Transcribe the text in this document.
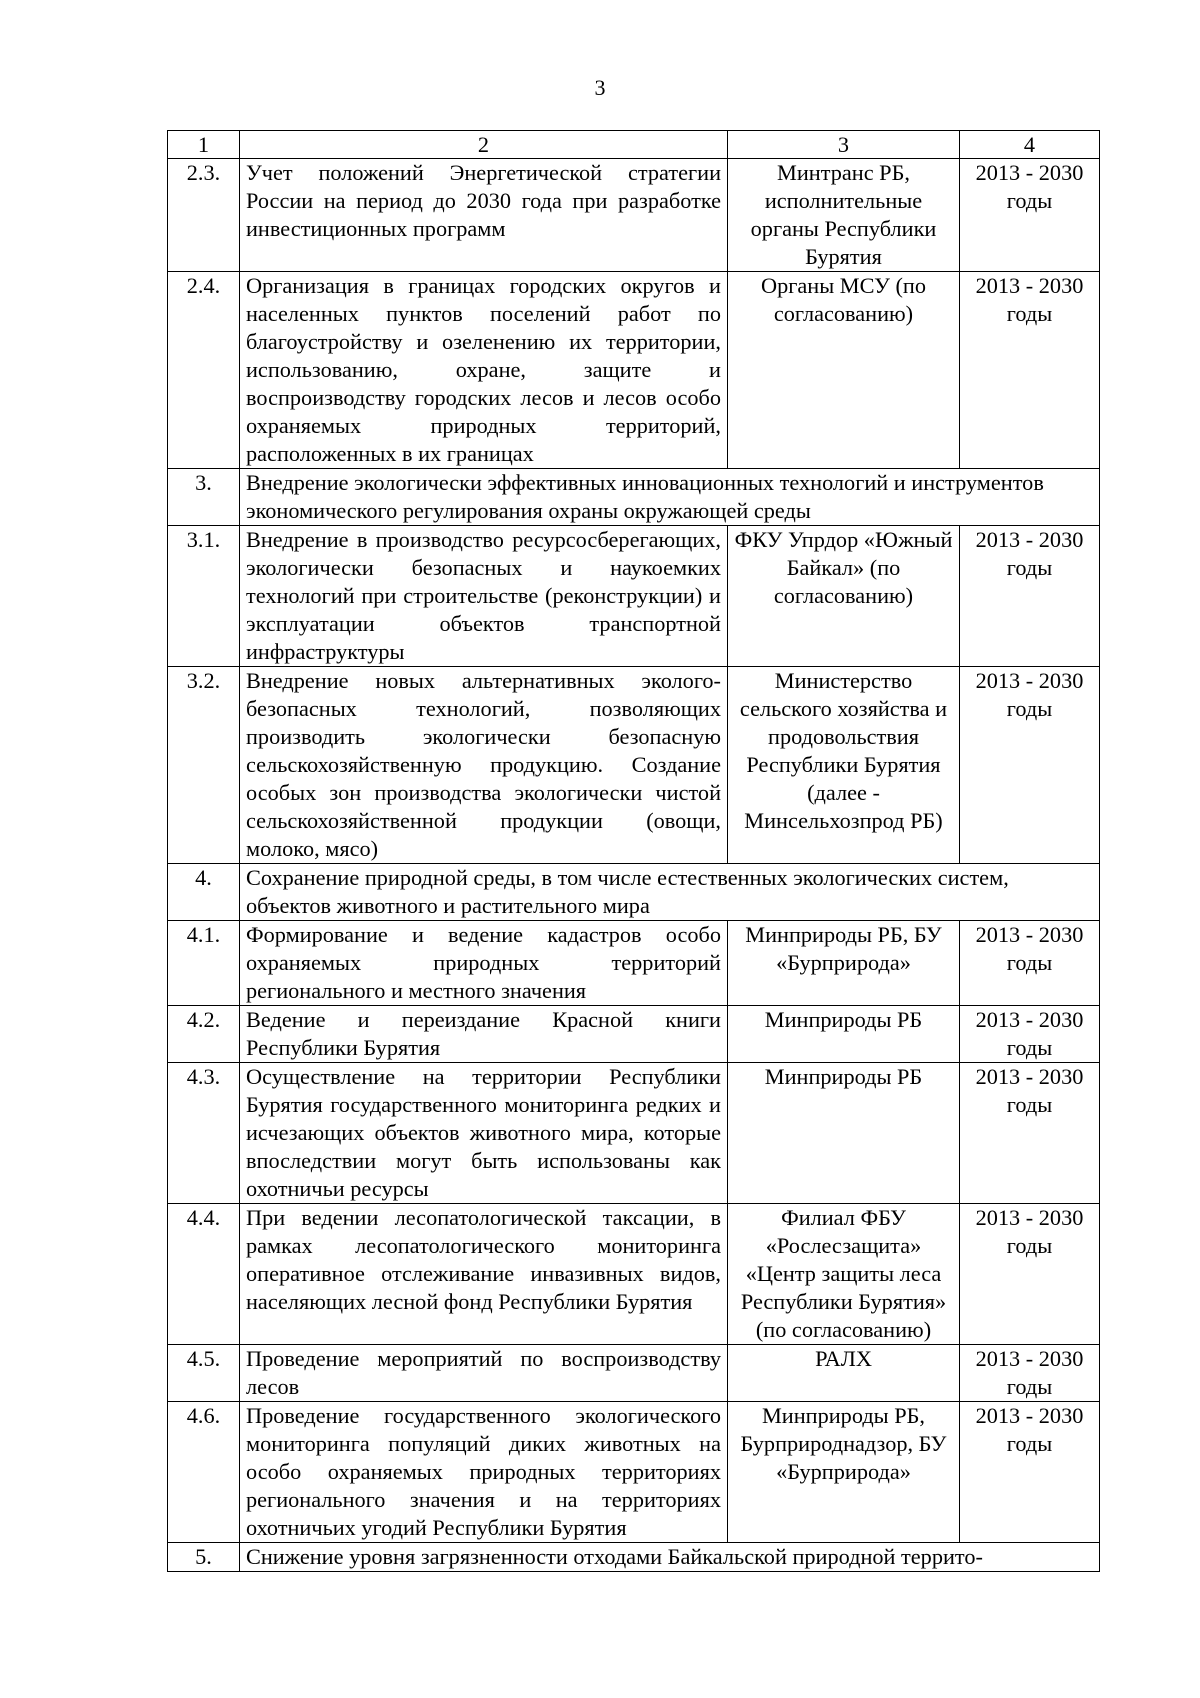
3
1	2	3	4
2.3.	Учет положений Энергетической стратегии России на период до 2030 года при разработке инвестиционных программ	Минтранс РБ, исполнительные органы Республики Бурятия	2013 - 2030 годы
2.4.	Организация в границах городских округов и населенных пунктов поселений работ по благоустройству и озеленению их территории, использованию, охране, защите и воспроизводству городских лесов и лесов особо охраняемых природных территорий, расположенных в их границах	Органы МСУ (по согласованию)	2013 - 2030 годы
3.	Внедрение экологически эффективных инновационных технологий и инструментов экономического регулирования охраны окружающей среды		
3.1.	Внедрение в производство ресурсосберегающих, экологически безопасных и наукоемких технологий при строительстве (реконструкции) и эксплуатации объектов транспортной инфраструктуры	ФКУ Упрдор «Южный Байкал» (по согласованию)	2013 - 2030 годы
3.2.	Внедрение новых альтернативных эколого-безопасных технологий, позволяющих производить экологически безопасную сельскохозяйственную продукцию. Создание особых зон производства экологически чистой сельскохозяйственной продукции (овощи, молоко, мясо)	Министерство сельского хозяйства и продовольствия Республики Бурятия (далее - Минсельхозпрод РБ)	2013 - 2030 годы
4.	Сохранение природной среды, в том числе естественных экологических систем, объектов животного и растительного мира		
4.1.	Формирование и ведение кадастров особо охраняемых природных территорий регионального и местного значения	Минприроды РБ, БУ «Бурприрода»	2013 - 2030 годы
4.2.	Ведение и переиздание Красной книги Республики Бурятия	Минприроды РБ	2013 - 2030 годы
4.3.	Осуществление на территории Республики Бурятия государственного мониторинга редких и исчезающих объектов животного мира, которые впоследствии могут быть использованы как охотничьи ресурсы	Минприроды РБ	2013 - 2030 годы
4.4.	При ведении лесопатологической таксации, в рамках лесопатологического мониторинга оперативное отслеживание инвазивных видов, населяющих лесной фонд Республики Бурятия	Филиал ФБУ «Рослесзащита» «Центр защиты леса Республики Бурятия» (по согласованию)	2013 - 2030 годы
4.5.	Проведение мероприятий по воспроизводству лесов	РАЛХ	2013 - 2030 годы
4.6.	Проведение государственного экологического мониторинга популяций диких животных на особо охраняемых природных территориях регионального значения и на территориях охотничьих угодий Республики Бурятия	Минприроды РБ, Бурприроднадзор, БУ «Бурприрода»	2013 - 2030 годы
5.	Снижение уровня загрязненности отходами Байкальской природной террито-		
